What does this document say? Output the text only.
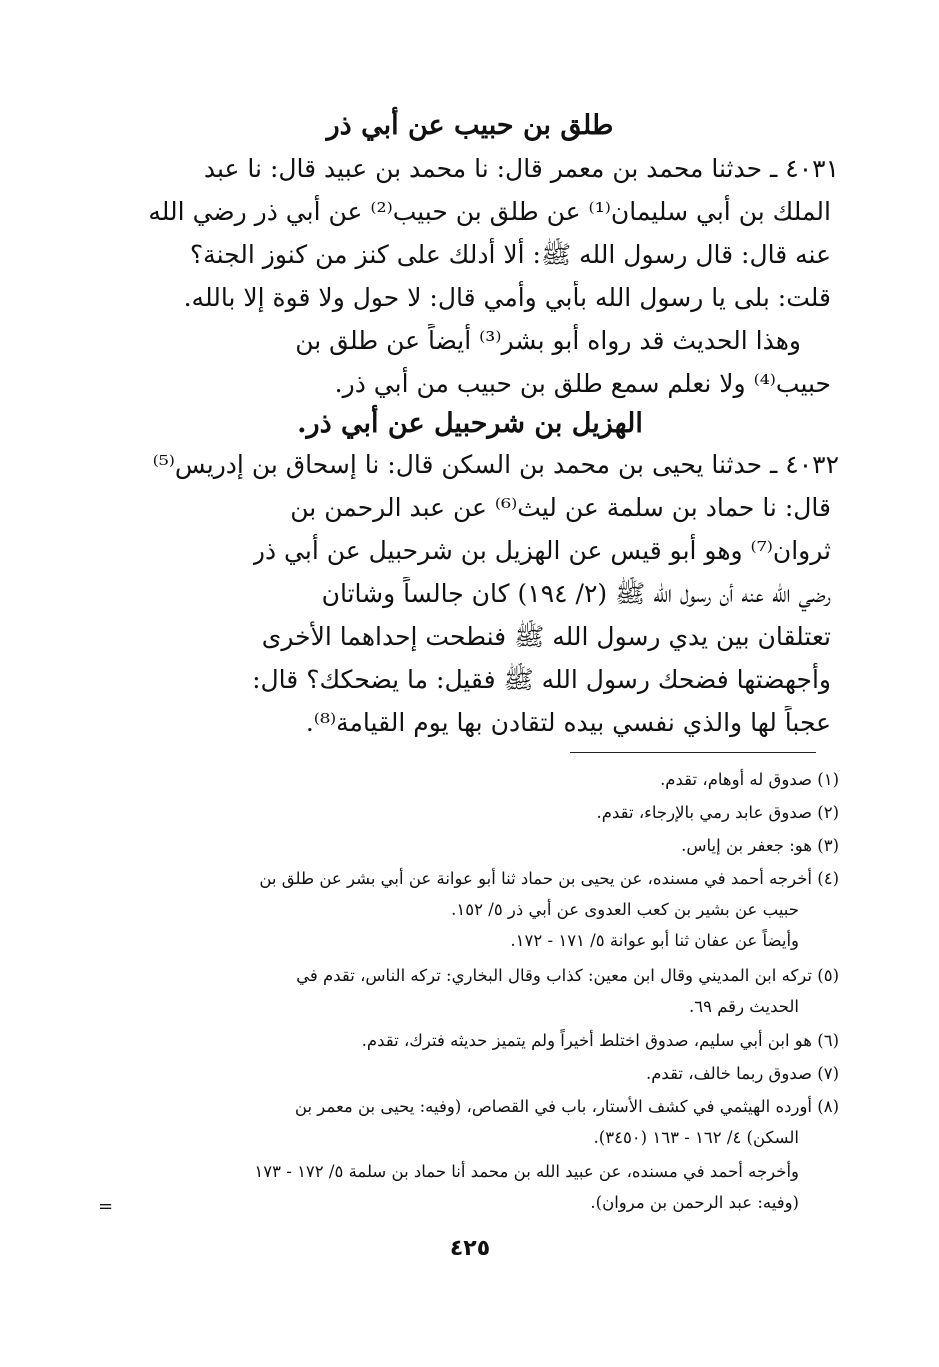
طلق بن حبيب عن أبي ذر
٤٠٣١ ـ حدثنا محمد بن معمر قال: نا محمد بن عبيد قال: نا عبد
الملك بن أبي سليمان⁽¹⁾ عن طلق بن حبيب⁽²⁾ عن أبي ذر رضي الله
عنه قال: قال رسول الله ﷺ: ألا أدلك على كنز من كنوز الجنة؟
قلت: بلى يا رسول الله بأبي وأمي قال: لا حول ولا قوة إلا بالله.
وهذا الحديث قد رواه أبو بشر⁽³⁾ أيضاً عن طلق بن
حبيب⁽⁴⁾ ولا نعلم سمع طلق بن حبيب من أبي ذر.
الهزيل بن شرحبيل عن أبي ذر.
٤٠٣٢ ـ حدثنا يحيى بن محمد بن السكن قال: نا إسحاق بن إدريس⁽⁵⁾
قال: نا حماد بن سلمة عن ليث⁽⁶⁾ عن عبد الرحمن بن
ثروان⁽⁷⁾ وهو أبو قيس عن الهزيل بن شرحبيل عن أبي ذر
رضي الله عنه أن رسول الله ﷺ (٢/ ١٩٤) كان جالساً وشاتان
تعتلقان بين يدي رسول الله ﷺ فنطحت إحداهما الأخرى
وأجهضتها فضحك رسول الله ﷺ فقيل: ما يضحكك؟ قال:
عجباً لها والذي نفسي بيده لتقادن بها يوم القيامة⁽⁸⁾.
(١) صدوق له أوهام، تقدم.
(٢) صدوق عابد رمي بالإرجاء، تقدم.
(٣) هو: جعفر بن إياس.
(٤) أخرجه أحمد في مسنده، عن يحيى بن حماد ثنا أبو عوانة عن أبي بشر عن طلق بن
حبيب عن بشير بن كعب العدوى عن أبي ذر ٥/ ١٥٢.
وأيضاً عن عفان ثنا أبو عوانة ٥/ ١٧١ - ١٧٢.
(٥) تركه ابن المديني وقال ابن معين: كذاب وقال البخاري: تركه الناس، تقدم في
الحديث رقم ٦٩.
(٦) هو ابن أبي سليم، صدوق اختلط أخيراً ولم يتميز حديثه فترك، تقدم.
(٧) صدوق ربما خالف، تقدم.
(٨) أورده الهيثمي في كشف الأستار، باب في القصاص، (وفيه: يحيى بن معمر بن
السكن) ٤/ ١٦٢ - ١٦٣ (٣٤٥٠).
وأخرجه أحمد في مسنده، عن عبيد الله بن محمد أنا حماد بن سلمة ٥/ ١٧٢ - ١٧٣
(وفيه: عبد الرحمن بن مروان).
=
٤٢٥
